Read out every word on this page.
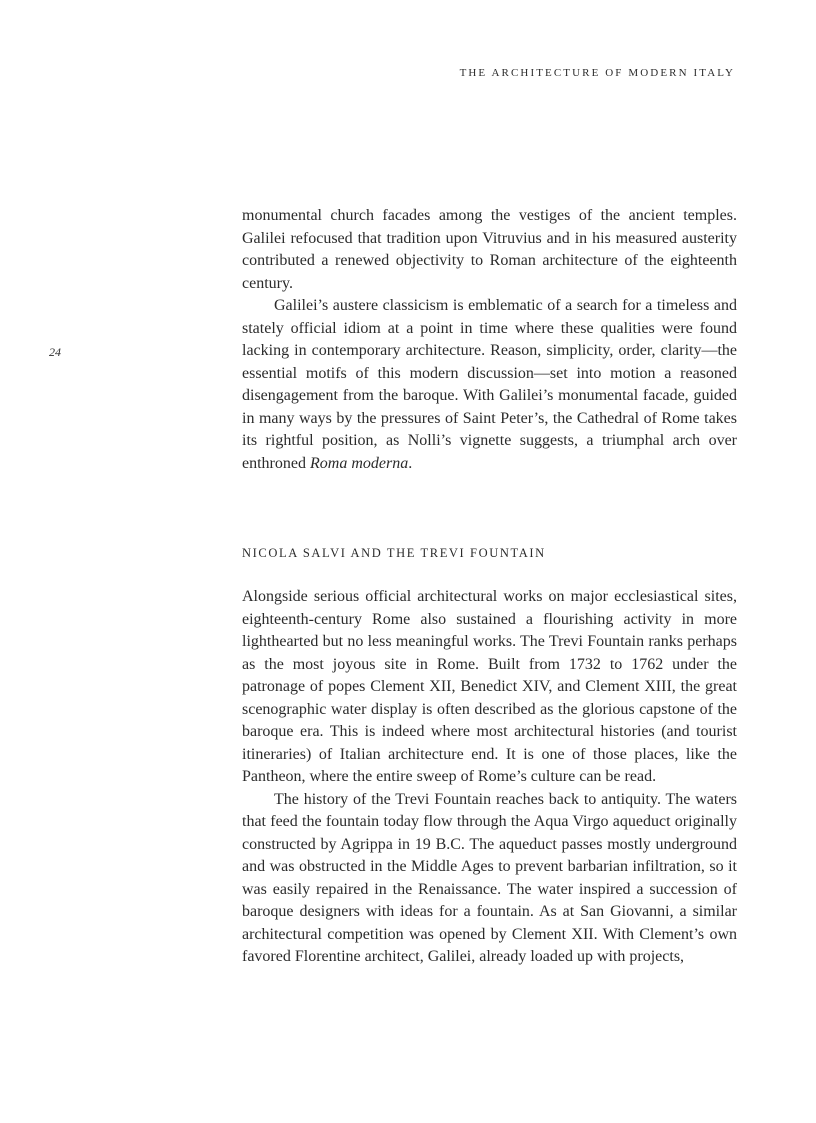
THE ARCHITECTURE OF MODERN ITALY
24

monumental church facades among the vestiges of the ancient temples. Galilei refocused that tradition upon Vitruvius and in his measured austerity contributed a renewed objectivity to Roman architecture of the eighteenth century.

Galilei’s austere classicism is emblematic of a search for a timeless and stately official idiom at a point in time where these qualities were found lacking in contemporary architecture. Reason, simplicity, order, clarity—the essential motifs of this modern discussion—set into motion a reasoned disengagement from the baroque. With Galilei’s monumental facade, guided in many ways by the pressures of Saint Peter’s, the Cathedral of Rome takes its rightful position, as Nolli’s vignette suggests, a triumphal arch over enthroned Roma moderna.

NICOLA SALVI AND THE TREVI FOUNTAIN

Alongside serious official architectural works on major ecclesiastical sites, eighteenth-century Rome also sustained a flourishing activity in more lighthearted but no less meaningful works. The Trevi Fountain ranks perhaps as the most joyous site in Rome. Built from 1732 to 1762 under the patronage of popes Clement XII, Benedict XIV, and Clement XIII, the great scenographic water display is often described as the glorious capstone of the baroque era. This is indeed where most architectural histories (and tourist itineraries) of Italian architecture end. It is one of those places, like the Pantheon, where the entire sweep of Rome’s culture can be read.

The history of the Trevi Fountain reaches back to antiquity. The waters that feed the fountain today flow through the Aqua Virgo aqueduct originally constructed by Agrippa in 19 B.C. The aqueduct passes mostly underground and was obstructed in the Middle Ages to prevent barbarian infiltration, so it was easily repaired in the Renaissance. The water inspired a succession of baroque designers with ideas for a fountain. As at San Giovanni, a similar architectural competition was opened by Clement XII. With Clement’s own favored Florentine architect, Galilei, already loaded up with projects,
